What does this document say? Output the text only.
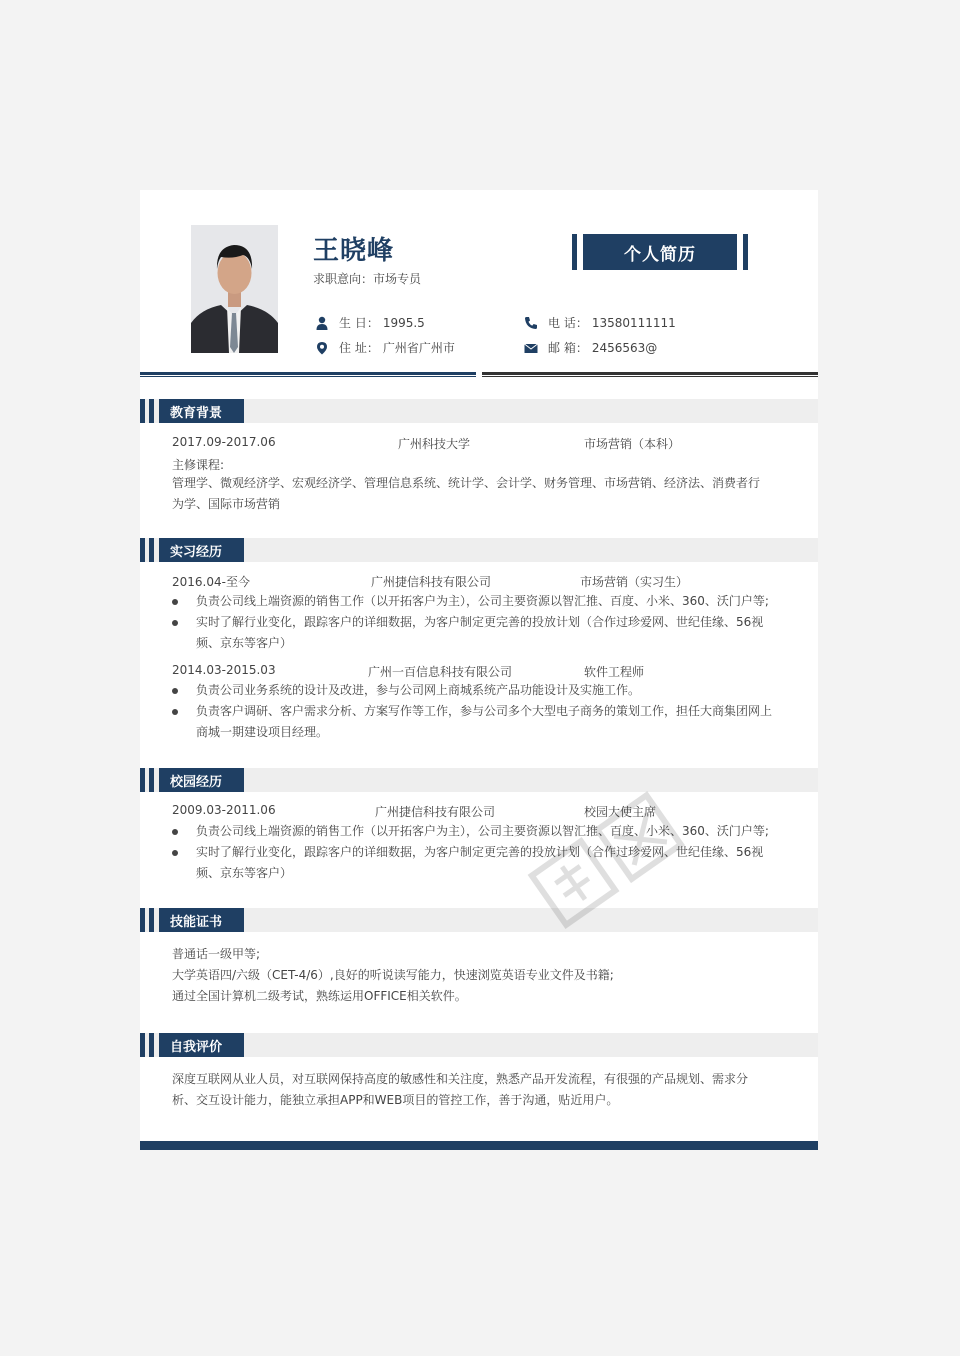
王晓峰
求职意向：市场专员
个人简历
生 日： 1995.5
住 址： 广州省广州市
电 话： 13580111111
邮 箱： 2456563@
教育背景
2017.09-2017.06	广州科技大学	市场营销（本科）
主修课程:
管理学、微观经济学、宏观经济学、管理信息系统、统计学、会计学、财务管理、市场营销、经济法、消费者行为学、国际市场营销
实习经历
2016.04-至今	广州捷信科技有限公司	市场营销（实习生）
负责公司线上端资源的销售工作（以开拓客户为主），公司主要资源以智汇推、百度、小米、360、沃门户等;
实时了解行业变化，跟踪客户的详细数据，为客户制定更完善的投放计划（合作过珍爱网、世纪佳缘、56视频、京东等客户）
2014.03-2015.03	广州一百信息科技有限公司	软件工程师
负责公司业务系统的设计及改进，参与公司网上商城系统产品功能设计及实施工作。
负责客户调研、客户需求分析、方案写作等工作，参与公司多个大型电子商务的策划工作，担任大商集团网上商城一期建设项目经理。
校园经历
2009.03-2011.06	广州捷信科技有限公司	校园大使主席
负责公司线上端资源的销售工作（以开拓客户为主），公司主要资源以智汇推、百度、小米、360、沃门户等;
实时了解行业变化，跟踪客户的详细数据，为客户制定更完善的投放计划（合作过珍爱网、世纪佳缘、56视频、京东等客户）
技能证书
普通话一级甲等;
大学英语四/六级（CET-4/6）,良好的听说读写能力，快速浏览英语专业文件及书籍;
通过全国计算机二级考试，熟练运用OFFICE相关软件。
自我评价
深度互联网从业人员，对互联网保持高度的敏感性和关注度，熟悉产品开发流程，有很强的产品规划、需求分析、交互设计能力，能独立承担APP和WEB项目的管控工作，善于沟通，贴近用户。
